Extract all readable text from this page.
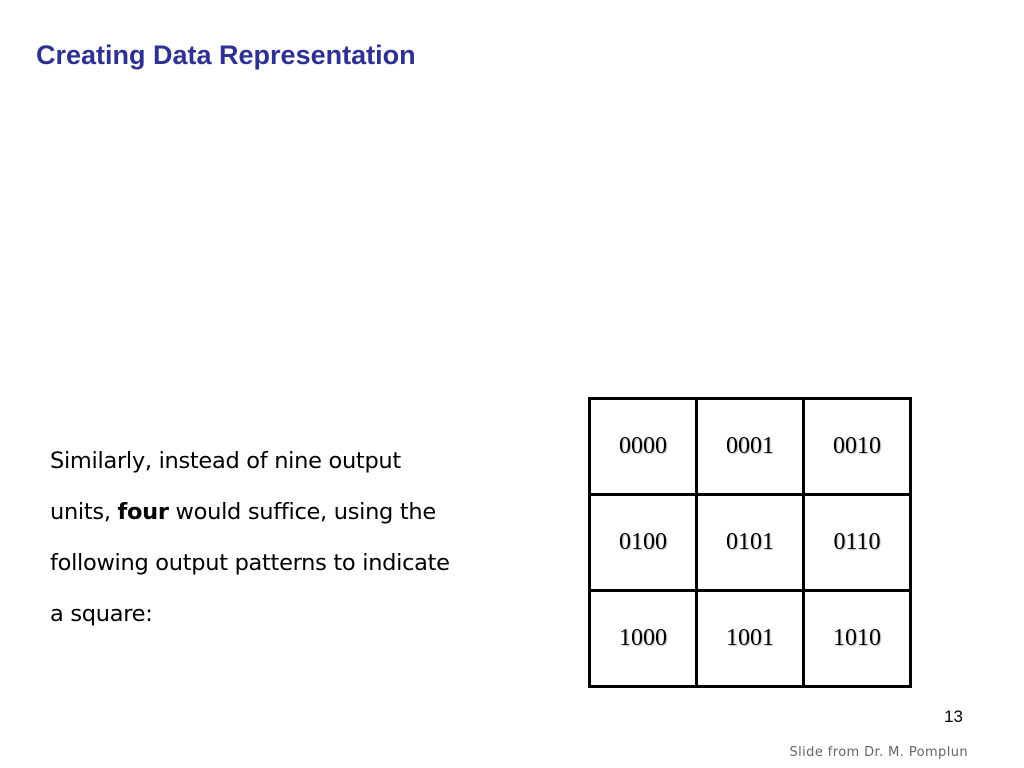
Creating Data Representation
Similarly, instead of nine output
units, four would suffice, using the
following output patterns to indicate
a square:
0000	0001	0010
0100	0101	0110
1000	1001	1010
13
Slide from Dr. M. Pomplun
